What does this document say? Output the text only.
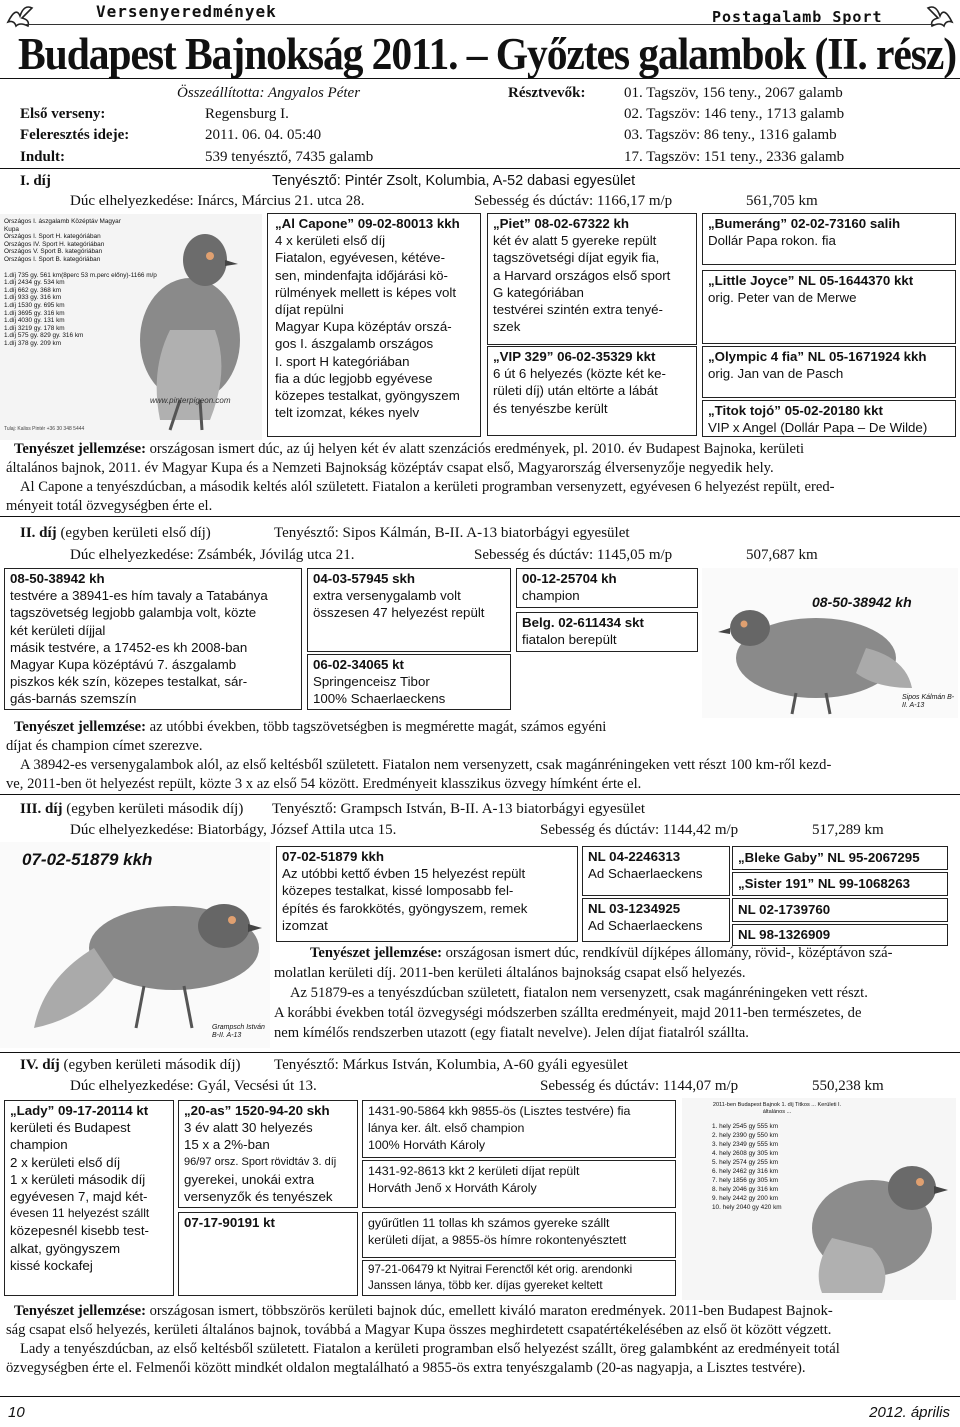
Versenyeredmények	Postagalamb Sport
Budapest Bajnokság 2011. – Győztes galambok (II. rész)
Összeállította: Angyalos Péter	Résztvevők:
Első verseny:	Regensburg I.
Feleresztés ideje:	2011. 06. 04. 05:40
Indult:	539 tenyésztő, 7435 galamb
01. Tagszöv, 156 teny., 2067 galamb
02. Tagszöv: 146 teny., 1713 galamb
03. Tagszöv: 86 teny., 1316 galamb
17. Tagszöv: 151 teny., 2336 galamb
I. díj	Tenyésztő: Pintér Zsolt, Kolumbia, A-52 dabasi egyesület
Dúc elhelyezkedése: Inárcs, Március 21. utca 28.	Sebesség és dúctáv: 1166,17 m/p	561,705 km
Országos I. ászgalamb Középtáv Magyar Kupa
Országos I. Sport H. kategóriában
Országos IV. Sport H. kategóriában
Országos V. Sport B. kategóriában
Országos I. Sport B. kategóriában
1.díj 735 gy. 561 km(8perc 53 m.perc előny)-1166 m/p
1.díj 2434 gy. 534 km
1.díj 662 gy. 368 km
1.díj 933 gy. 316 km
1.díj 1530 gy. 695 km
1.díj 3695 gy. 316 km
1.díj 4030 gy. 131 km
1.díj 3219 gy. 178 km
1.díj 575 gy. 829 gy. 316 km
1.díj 378 gy. 209 km
www.pinterpigeon.com
Tulaj: Kaliss Pintér +36 30 348 5444
„Al Capone” 09-02-80013 kkh
4 x kerületi első díj
Fiatalon, egyévesen, kétéve-
sen, mindenfajta időjárási kö-
rülmények mellett is képes volt
díjat repülni
Magyar Kupa középtáv orszá-
gos I. ászgalamb országos
I. sport H kategóriában
fia a dúc legjobb egyévese
közepes testalkat, gyöngyszem
telt izomzat, kékes nyelv
„Piet” 08-02-67322 kh
két év alatt 5 gyereke repült
tagszövetségi díjat egyik fia,
a Harvard országos első sport
G kategóriában
testvérei szintén extra tenyé-
szek
„VIP 329” 06-02-35329 kkt
6 út 6 helyezés (közte két ke-
rületi díj) után eltörte a lábát
és tenyészbe került
„Bumeráng” 02-02-73160 salih
Dollár Papa rokon. fia
„Little Joyce” NL 05-1644370 kkt
orig. Peter van de Merwe
„Olympic 4 fia” NL 05-1671924 kkh
orig. Jan van de Pasch
„Titok tojó” 05-02-20180 kkt
VIP x Angel (Dollár Papa – De Wilde)
Tenyészet jellemzése: országosan ismert dúc, az új helyen két év alatt szenzációs eredmények, pl. 2010. év Budapest Bajnoka, kerületi
általános bajnok, 2011. év Magyar Kupa és a Nemzeti Bajnokság középtáv csapat első, Magyarország élversenyzője negyedik hely.
Al Capone a tenyészdúcban, a második keltés alól született. Fiatalon a kerületi programban versenyzett, egyévesen 6 helyezést repült, ered-
ményeit totál özvegységben érte el.
II. díj (egyben kerületi első díj)	Tenyésztő: Sipos Kálmán, B-II. A-13 biatorbágyi egyesület
Dúc elhelyezkedése: Zsámbék, Jóvilág utca 21.	Sebesség és dúctáv: 1145,05 m/p	507,687 km
08-50-38942 kh
testvére a 38941-es hím tavaly a Tatabánya
tagszövetség legjobb galambja volt, közte
két kerületi díjjal
másik testvére, a 17452-es kh 2008-ban
Magyar Kupa középtávú 7. ászgalamb
piszkos kék szín, közepes testalkat, sár-
gás-barnás szemszín
04-03-57945 skh
extra versenygalamb volt
összesen 47 helyezést repült
06-02-34065 kt
Springenceisz Tibor
100% Schaerlaeckens
00-12-25704 kh
champion
Belg. 02-611434 skt
fiatalon berepült
08-50-38942 kh
Sipos Kálmán B-II. A-13
Tenyészet jellemzése: az utóbbi években, több tagszövetségben is megmérette magát, számos egyéni
díjat és champion címet szerezve.
A 38942-es versenygalambok alól, az első keltésből született. Fiatalon nem versenyzett, csak magánréningeken vett részt 100 km-ről kezd-
ve, 2011-ben öt helyezést repült, közte 3 x az első 54 között. Eredményeit klasszikus özvegy hímként érte el.
III. díj (egyben kerületi második díj) Tenyésztő: Grampsch István, B-II. A-13 biatorbágyi egyesület
Dúc elhelyezkedése: Biatorbágy, József Attila utca 15.	Sebesség és dúctáv: 1144,42 m/p	517,289 km
07-02-51879 kkh
Grampsch István B-II. A-13
07-02-51879 kkh
Az utóbbi kettő évben 15 helyezést repült
közepes testalkat, kissé lomposabb fel-
építés és farokkötés, gyöngyszem, remek
izomzat
NL 04-2246313
Ad Schaerlaeckens
NL 03-1234925
Ad Schaerlaeckens
„Bleke Gaby” NL 95-2067295
„Sister 191” NL 99-1068263
NL 02-1739760
NL 98-1326909
Tenyészet jellemzése: országosan ismert dúc, rendkívül díjképes állomány, rövid-, középtávon szá-
molatlan kerületi díj. 2011-ben kerületi általános bajnokság csapat első helyezés.
Az 51879-es a tenyészdúcban született, fiatalon nem versenyzett, csak magánréningeken vett részt.
A korábbi években totál özvegységi módszerben szállta eredményeit, majd 2011-ben természetes, de
nem kímélős rendszerben utazott (egy fiatalt nevelve). Jelen díjat fiatalról szállta.
IV. díj (egyben kerületi második díj) Tenyésztő: Márkus István, Kolumbia, A-60 gyáli egyesület
Dúc elhelyezkedése: Gyál, Vecsési út 13.	Sebesség és dúctáv: 1144,07 m/p	550,238 km
„Lady” 09-17-20114 kt
kerületi és Budapest
champion
2 x kerületi első díj
1 x kerületi második díj
egyévesen 7, majd két-
évesen 11 helyezést szállt
közepesnél kisebb test-
alkat, gyöngyszem
kissé kockafej
„20-as” 1520-94-20 skh
3 év alatt 30 helyezés
15 x a 2%-ban
96/97 orsz. Sport rövidtáv 3. díj
gyerekei, unokái extra
versenyzők és tenyészek
07-17-90191 kt
1431-90-5864 kkh 9855-ös (Lisztes testvére) fia
lánya ker. ált. első champion
100% Horváth Károly
1431-92-8613 kkt 2 kerületi díjat repült
Horváth Jenő x Horváth Károly
gyűrűtlen 11 tollas kh számos gyereke szállt
kerületi díjat, a 9855-ös hímre rokontenyésztett
97-21-06479 kt Nyitrai Ferenctől két orig. arendonki
Janssen lánya, több ker. díjas gyereket keltett
2011-ben Budapest Bajnok 1. díj Titkos ... Kerületi I. általános ...
1. hely 2545 gy 555 km
2. hely 2390 gy 550 km
3. hely 2349 gy 555 km
4. hely 2608 gy 305 km
5. hely 2574 gy 255 km
6. hely 2462 gy 316 km
7. hely 1856 gy 305 km
8. hely 2046 gy 316 km
9. hely 2442 gy 200 km
10. hely 2040 gy 420 km
Tenyészet jellemzése: országosan ismert, többszörös kerületi bajnok dúc, emellett kiváló maraton eredmények. 2011-ben Budapest Bajnok-
ság csapat első helyezés, kerületi általános bajnok, továbbá a Magyar Kupa összes meghirdetett csapatértékelésében az első öt között végzett.
Lady a tenyészdúcban, az első keltésből született. Fiatalon a kerületi programban első helyezést szállt, öreg galambként az eredményeit totál
özvegységben érte el. Felmenői között mindkét oldalon megtalálható a 9855-ös extra tenyészgalamb (20-as nagyapja, a Lisztes testvére).
10	2012. április
